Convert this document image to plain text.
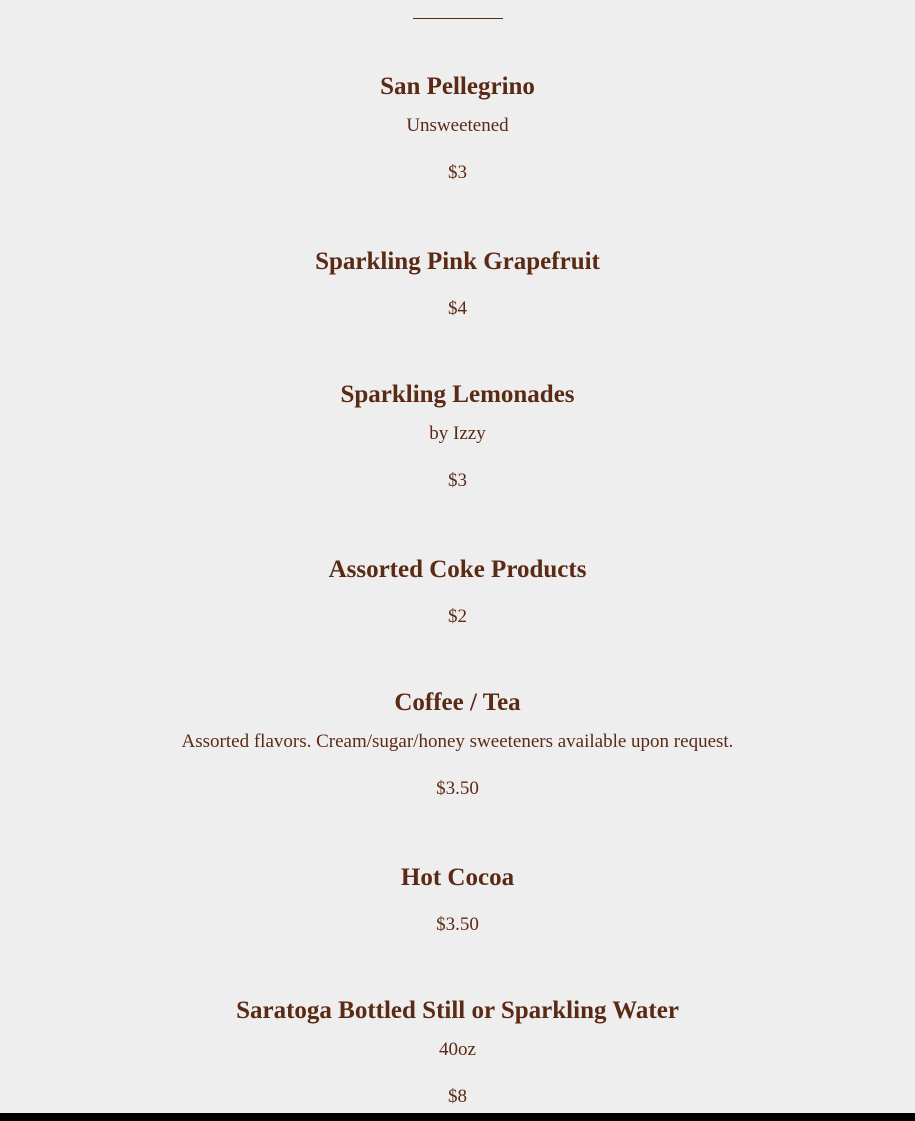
San Pellegrino

Unsweetened

$3

Sparkling Pink Grapefruit

$4

Sparkling Lemonades

by Izzy

$3

Assorted Coke Products

$2

Coffee / Tea

Assorted flavors. Cream/sugar/honey sweeteners available upon request.

$3.50

Hot Cocoa

$3.50

Saratoga Bottled Still or Sparkling Water

40oz

$8
